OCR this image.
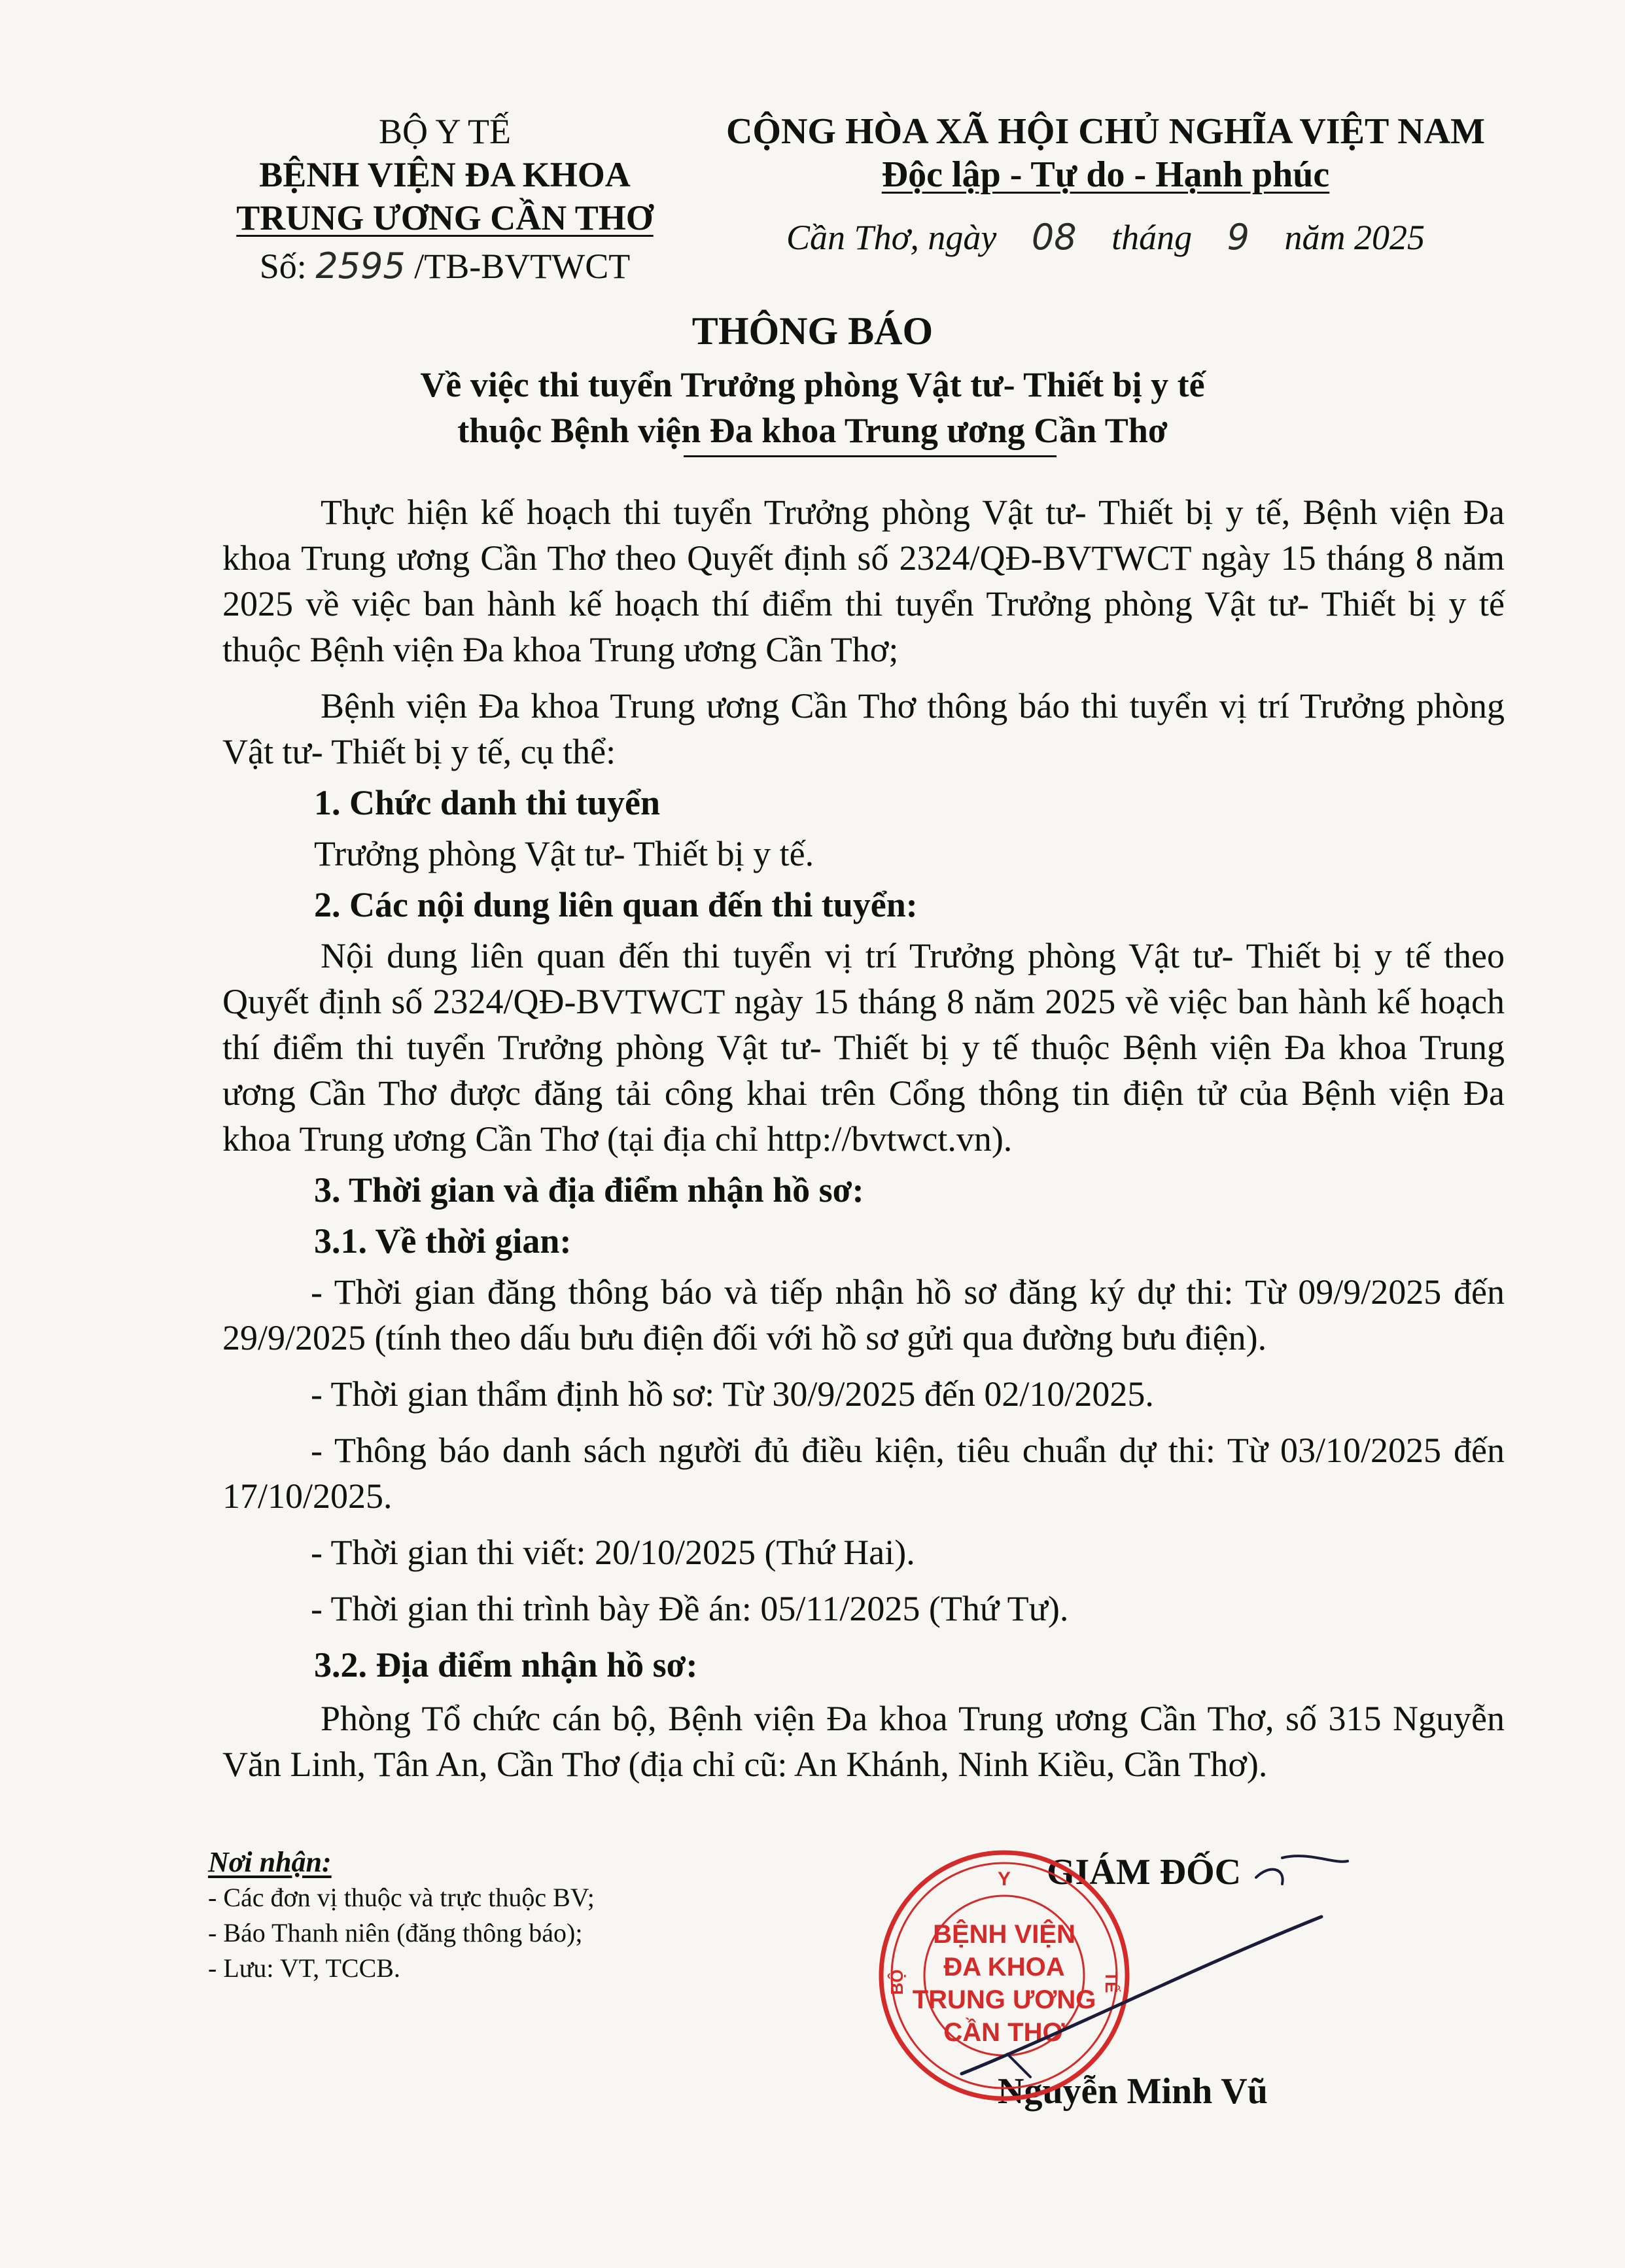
BỘ Y TẾ
BỆNH VIỆN ĐA KHOA
TRUNG ƯƠNG CẦN THƠ
Số: 2595 /TB-BVTWCT
CỘNG HÒA XÃ HỘI CHỦ NGHĨA VIỆT NAM
Độc lập - Tự do - Hạnh phúc
Cần Thơ, ngày 08 tháng 9 năm 2025
THÔNG BÁO
Về việc thi tuyển Trưởng phòng Vật tư- Thiết bị y tế
thuộc Bệnh viện Đa khoa Trung ương Cần Thơ

Thực hiện kế hoạch thi tuyển Trưởng phòng Vật tư- Thiết bị y tế, Bệnh viện Đa khoa Trung ương Cần Thơ theo Quyết định số 2324/QĐ-BVTWCT ngày 15 tháng 8 năm 2025 về việc ban hành kế hoạch thí điểm thi tuyển Trưởng phòng Vật tư- Thiết bị y tế thuộc Bệnh viện Đa khoa Trung ương Cần Thơ;

Bệnh viện Đa khoa Trung ương Cần Thơ thông báo thi tuyển vị trí Trưởng phòng Vật tư- Thiết bị y tế, cụ thể:

1. Chức danh thi tuyển

Trưởng phòng Vật tư- Thiết bị y tế.

2. Các nội dung liên quan đến thi tuyển:

Nội dung liên quan đến thi tuyển vị trí Trưởng phòng Vật tư- Thiết bị y tế theo Quyết định số 2324/QĐ-BVTWCT ngày 15 tháng 8 năm 2025 về việc ban hành kế hoạch thí điểm thi tuyển Trưởng phòng Vật tư- Thiết bị y tế thuộc Bệnh viện Đa khoa Trung ương Cần Thơ được đăng tải công khai trên Cổng thông tin điện tử của Bệnh viện Đa khoa Trung ương Cần Thơ (tại địa chỉ http://bvtwct.vn).

3. Thời gian và địa điểm nhận hồ sơ:

3.1. Về thời gian:

- Thời gian đăng thông báo và tiếp nhận hồ sơ đăng ký dự thi: Từ 09/9/2025 đến 29/9/2025 (tính theo dấu bưu điện đối với hồ sơ gửi qua đường bưu điện).

- Thời gian thẩm định hồ sơ: Từ 30/9/2025 đến 02/10/2025.

- Thông báo danh sách người đủ điều kiện, tiêu chuẩn dự thi: Từ 03/10/2025 đến 17/10/2025.

- Thời gian thi viết: 20/10/2025 (Thứ Hai).

- Thời gian thi trình bày Đề án: 05/11/2025 (Thứ Tư).

3.2. Địa điểm nhận hồ sơ:

Phòng Tổ chức cán bộ, Bệnh viện Đa khoa Trung ương Cần Thơ, số 315 Nguyễn Văn Linh, Tân An, Cần Thơ (địa chỉ cũ: An Khánh, Ninh Kiều, Cần Thơ).

Nơi nhận:
- Các đơn vị thuộc và trực thuộc BV;
- Báo Thanh niên (đăng thông báo);
- Lưu: VT, TCCB.
GIÁM ĐỐC
Nguyễn Minh Vũ
Y
BỘ	TẾ
BỆNH VIỆN
ĐA KHOA
TRUNG ƯƠNG
CẦN THƠ
